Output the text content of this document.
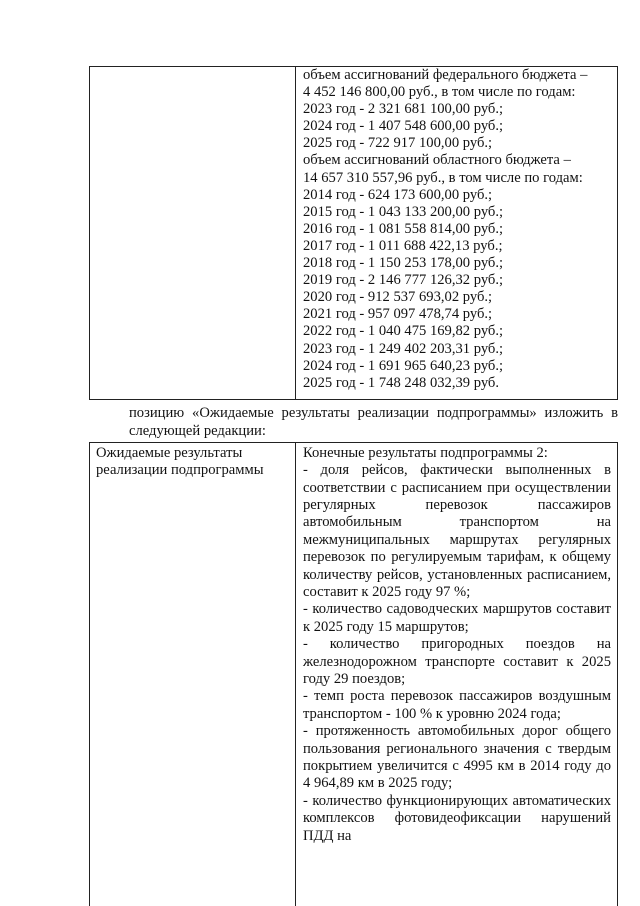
объем ассигнований федерального бюджета –
4 452 146 800,00 руб., в том числе по годам:
2023 год - 2 321 681 100,00 руб.;
2024 год - 1 407 548 600,00 руб.;
2025 год - 722 917 100,00 руб.;
объем ассигнований областного бюджета –
14 657 310 557,96 руб., в том числе по годам:
2014 год - 624 173 600,00 руб.;
2015 год - 1 043 133 200,00 руб.;
2016 год - 1 081 558 814,00 руб.;
2017 год - 1 011 688 422,13 руб.;
2018 год - 1 150 253 178,00 руб.;
2019 год - 2 146 777 126,32 руб.;
2020 год - 912 537 693,02 руб.;
2021 год - 957 097 478,74 руб.;
2022 год - 1 040 475 169,82 руб.;
2023 год - 1 249 402 203,31 руб.;
2024 год - 1 691 965 640,23 руб.;
2025 год - 1 748 248 032,39 руб.
позицию «Ожидаемые результаты реализации подпрограммы» изложить в следующей редакции:
Ожидаемые результаты реализации подпрограммы
Конечные результаты подпрограммы 2:
- доля рейсов, фактически выполненных в соответствии с расписанием при осуществлении регулярных перевозок пассажиров автомобильным транспортом на межмуниципальных маршрутах регулярных перевозок по регулируемым тарифам, к общему количеству рейсов, установленных расписанием, составит к 2025 году 97 %;
- количество садоводческих маршрутов составит к 2025 году 15 маршрутов;
- количество пригородных поездов на железнодорожном транспорте составит к 2025 году 29 поездов;
- темп роста перевозок пассажиров воздушным транспортом - 100 % к уровню 2024 года;
- протяженность автомобильных дорог общего пользования регионального значения с твердым покрытием увеличится с 4995 км в 2014 году до 4 964,89 км в 2025 году;
- количество функционирующих автоматических комплексов фотовидеофиксации нарушений ПДД на
